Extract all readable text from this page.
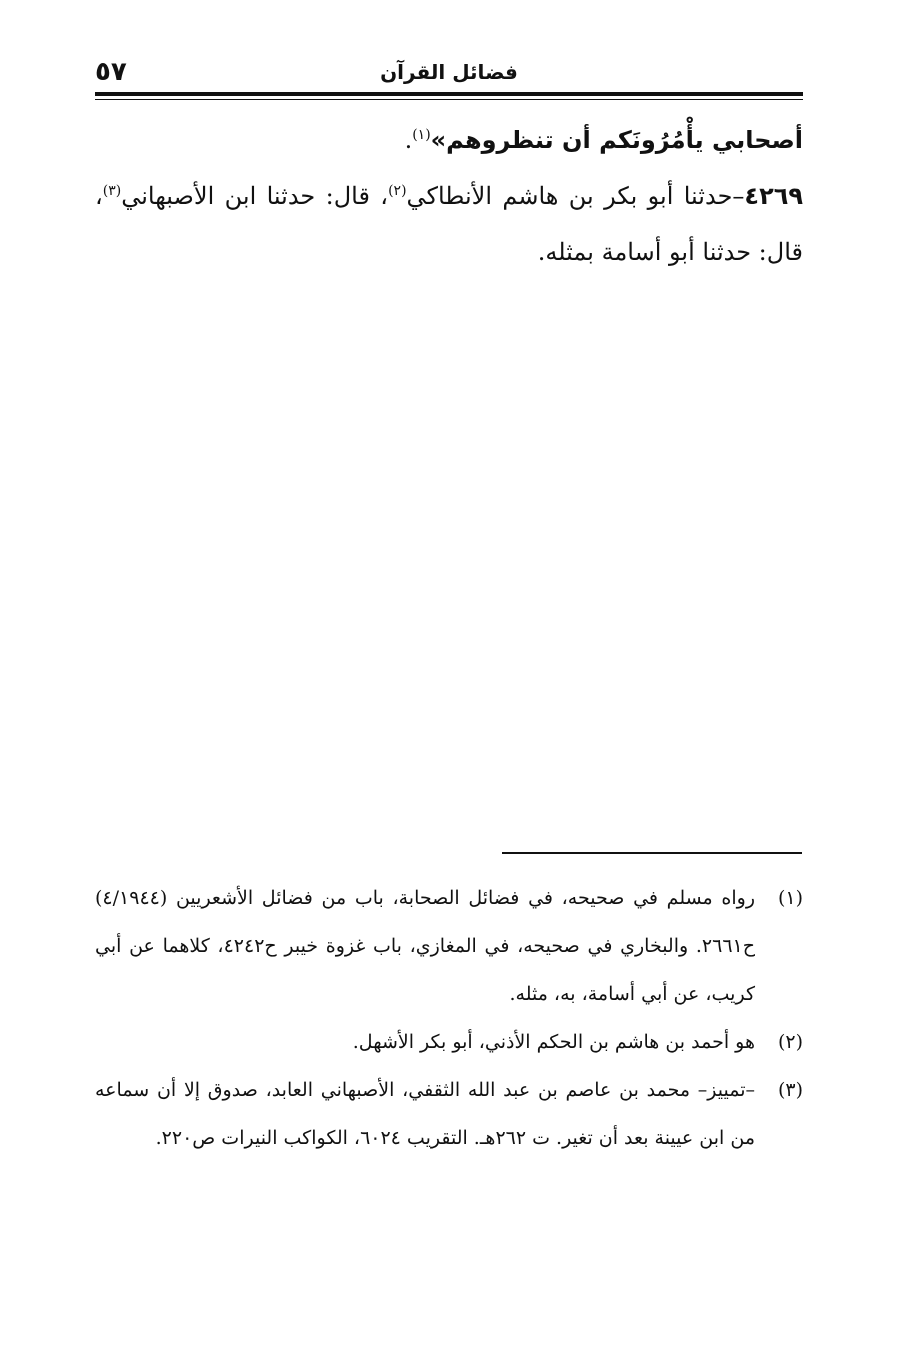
٥٧	فضائل القرآن

أصحابي يأْمُرُونَكم أن تنظروهم»$^{(١)}$.

٤٢٦٩–حدثنا أبو بكر بن هاشم الأنطاكي$^{(٢)}$، قال: حدثنا ابن الأصبهاني$^{(٣)}$، قال: حدثنا أبو أسامة بمثله.

(١)
رواه مسلم في صحيحه، في فضائل الصحابة، باب من فضائل الأشعريين (٤/١٩٤٤) ح٢٦٦١. والبخاري في صحيحه، في المغازي، باب غزوة خيبر ح٤٢٤٢، كلاهما عن أبي كريب، عن أبي أسامة، به، مثله.
(٢)
هو أحمد بن هاشم بن الحكم الأذني، أبو بكر الأشهل.
(٣)
–تمييز– محمد بن عاصم بن عبد الله الثقفي، الأصبهاني العابد، صدوق إلا أن سماعه من ابن عيينة بعد أن تغير. ت ٢٦٢هـ. التقريب ٦٠٢٤، الكواكب النيرات ص٢٢٠.
